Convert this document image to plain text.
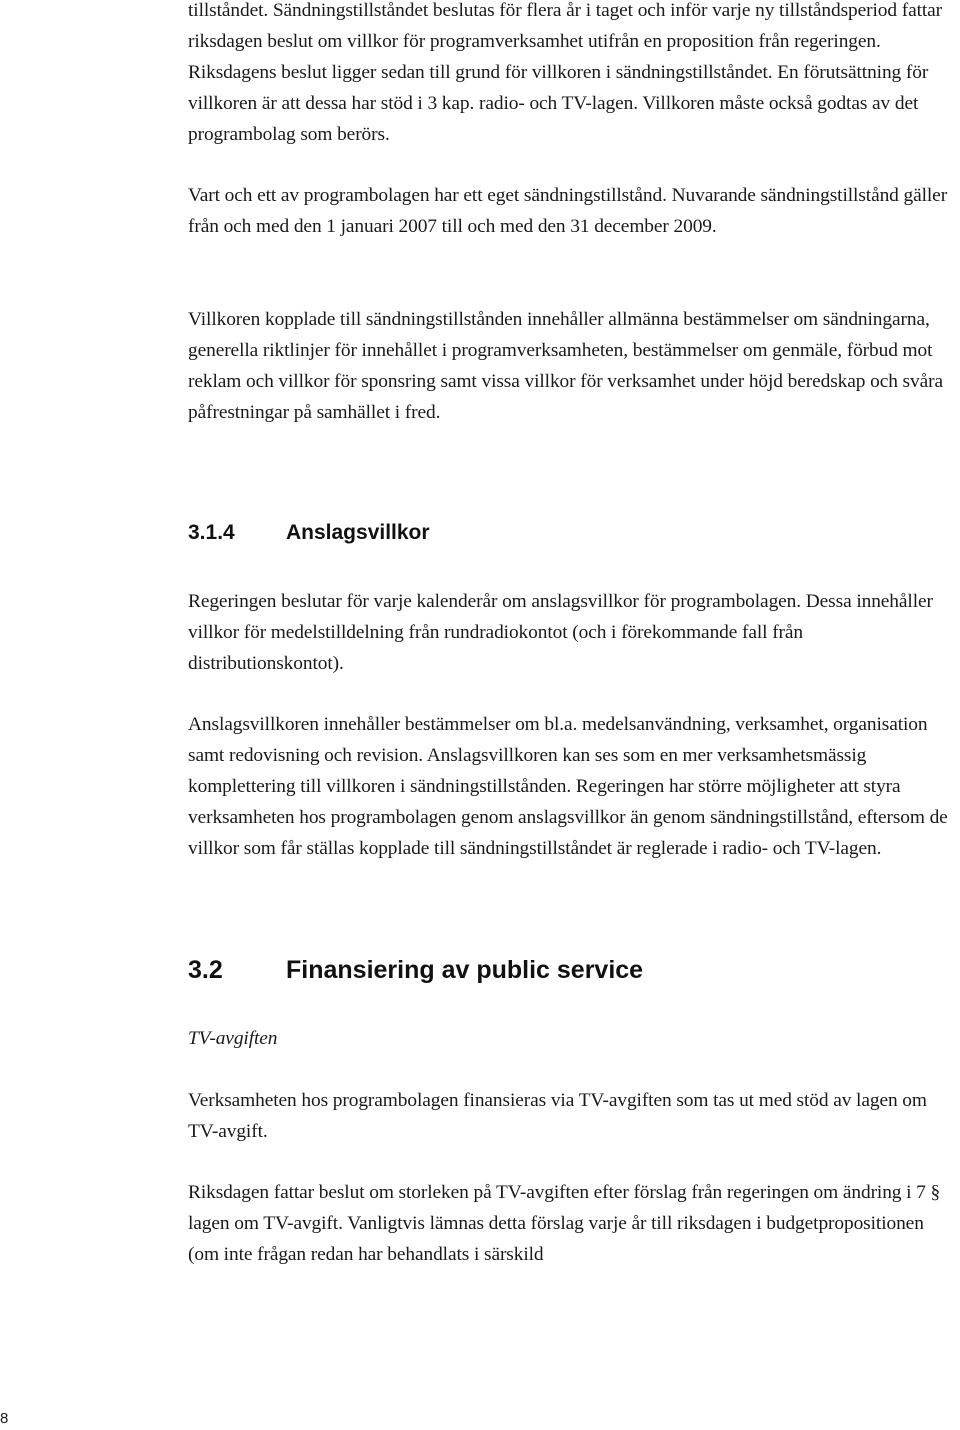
tillståndet. Sändningstillståndet beslutas för flera år i taget och inför varje ny tillståndsperiod fattar riksdagen beslut om villkor för programverksamhet utifrån en proposition från regeringen. Riksdagens beslut ligger sedan till grund för villkoren i sändningstillståndet. En förutsättning för villkoren är att dessa har stöd i 3 kap. radio- och TV-lagen. Villkoren måste också godtas av det programbolag som berörs.

Vart och ett av programbolagen har ett eget sändningstillstånd. Nuvarande sändningstillstånd gäller från och med den 1 januari 2007 till och med den 31 december 2009.

Villkoren kopplade till sändningstillstånden innehåller allmänna bestämmelser om sändningarna, generella riktlinjer för innehållet i programverksamheten, bestämmelser om genmäle, förbud mot reklam och villkor för sponsring samt vissa villkor för verksamhet under höjd beredskap och svåra påfrestningar på samhället i fred.

3.1.4 Anslagsvillkor

Regeringen beslutar för varje kalenderår om anslagsvillkor för programbolagen. Dessa innehåller villkor för medelstilldelning från rundradiokontot (och i förekommande fall från distributionskontot).

Anslagsvillkoren innehåller bestämmelser om bl.a. medelsanvändning, verksamhet, organisation samt redovisning och revision. Anslagsvillkoren kan ses som en mer verksamhetsmässig komplettering till villkoren i sändningstillstånden. Regeringen har större möjligheter att styra verksamheten hos programbolagen genom anslagsvillkor än genom sändningstillstånd, eftersom de villkor som får ställas kopplade till sändningstillståndet är reglerade i radio- och TV-lagen.

3.2	Finansiering av public service

TV-avgiften

Verksamheten hos programbolagen finansieras via TV-avgiften som tas ut med stöd av lagen om TV-avgift.

Riksdagen fattar beslut om storleken på TV-avgiften efter förslag från regeringen om ändring i 7 § lagen om TV-avgift. Vanligtvis lämnas detta förslag varje år till riksdagen i budgetpropositionen (om inte frågan redan har behandlats i särskild

8
